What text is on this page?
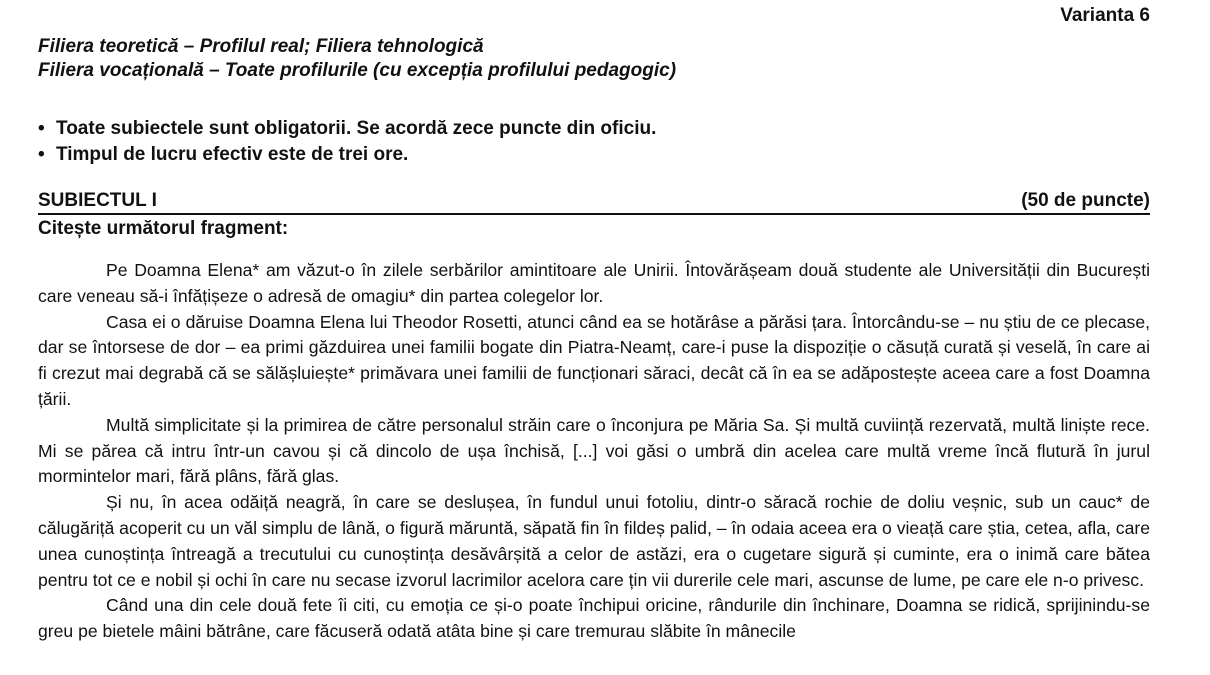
Varianta 6
Filiera teoretică – Profilul real; Filiera tehnologică
Filiera vocațională – Toate profilurile (cu excepția profilului pedagogic)
• Toate subiectele sunt obligatorii. Se acordă zece puncte din oficiu.
• Timpul de lucru efectiv este de trei ore.
SUBIECTUL I	(50 de puncte)
Citește următorul fragment:

Pe Doamna Elena* am văzut-o în zilele serbărilor amintitoare ale Unirii. Întovărășeam două studente ale Universității din București care veneau să-i înfățișeze o adresă de omagiu* din partea colegelor lor.

Casa ei o dăruise Doamna Elena lui Theodor Rosetti, atunci când ea se hotărâse a părăsi țara. Întorcându-se – nu știu de ce plecase, dar se întorsese de dor – ea primi găzduirea unei familii bogate din Piatra-Neamț, care-i puse la dispoziție o căsuță curată și veselă, în care ai fi crezut mai degrabă că se sălășluiește* primăvara unei familii de funcționari săraci, decât că în ea se adăpostește aceea care a fost Doamna țării.

Multă simplicitate și la primirea de către personalul străin care o înconjura pe Măria Sa. Și multă cuviință rezervată, multă liniște rece. Mi se părea că intru într-un cavou și că dincolo de ușa închisă, [...] voi găsi o umbră din acelea care multă vreme încă flutură în jurul mormintelor mari, fără plâns, fără glas.

Și nu, în acea odăiță neagră, în care se deslușea, în fundul unui fotoliu, dintr-o săracă rochie de doliu veșnic, sub un cauc* de călugăriță acoperit cu un văl simplu de lână, o figură măruntă, săpată fin în fildeș palid, – în odaia aceea era o vieață care știa, cetea, afla, care unea cunoștința întreagă a trecutului cu cunoștința desăvârșită a celor de astăzi, era o cugetare sigură și cuminte, era o inimă care bătea pentru tot ce e nobil și ochi în care nu secase izvorul lacrimilor acelora care țin vii durerile cele mari, ascunse de lume, pe care ele n-o privesc.

Când una din cele două fete îi citi, cu emoția ce și-o poate închipui oricine, rândurile din închinare, Doamna se ridică, sprijinindu-se greu pe bietele mâini bătrâne, care făcuseră odată atâta bine și care tremurau slăbite în mânecile
